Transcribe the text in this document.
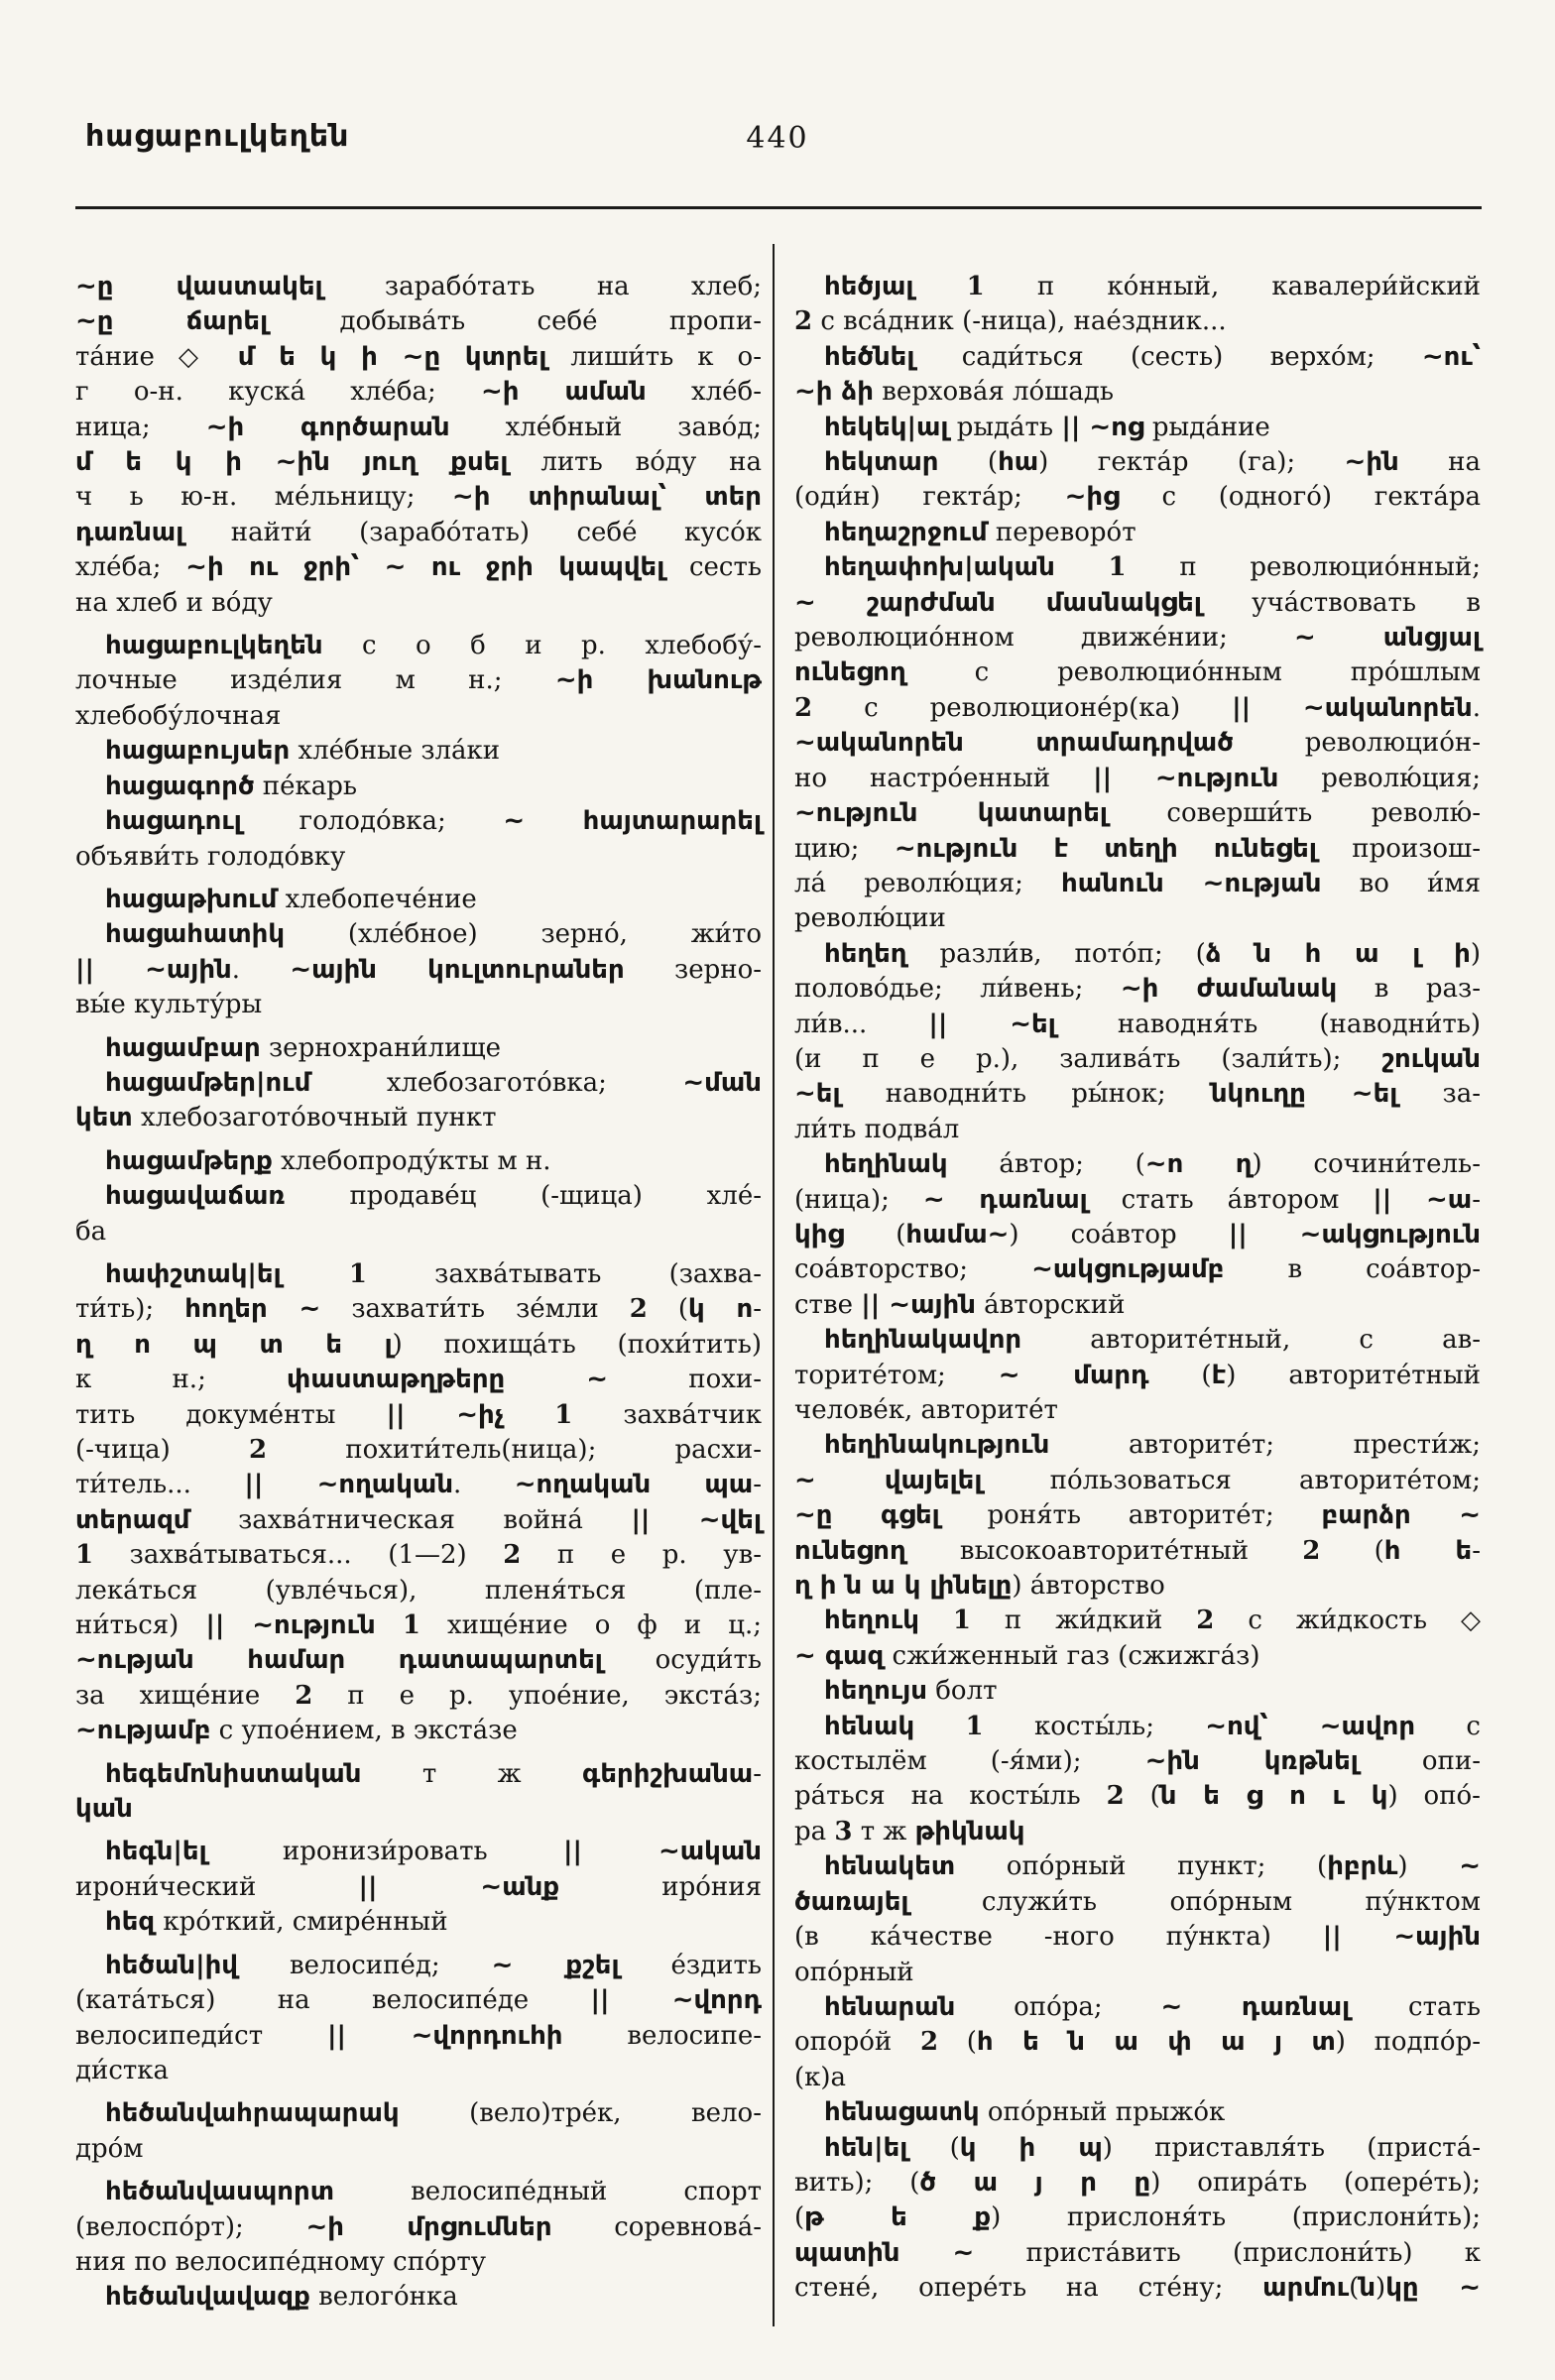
հացաբուլկեղեն	440
~ը վաստակել зарабо́тать на хлеб;
~ը ճարել добыва́ть себе́ пропи-
та́ние ◇ մ ե կ ի ~ը կտրել лиши́ть к о-
г о-н. куска́ хле́ба; ~ի աման хле́б-
ница; ~ի գործարան хле́бный заво́д;
մ ե կ ի ~ին յուղ քսել лить во́ду на
ч ь ю-н. ме́льницу; ~ի տիրանալ՝ տեր
դառնալ найти́ (зарабо́тать) себе́ кусо́к
хле́ба; ~ի ու ջրի՝ ~ ու ջրի կապվել сесть
на хлеб и во́ду
հացաբուլկեղեն с о б и р. хлебобу́-
лочные изде́лия м н.; ~ի խանութ
хлебобу́лочная
հացաբույսեր хле́бные зла́ки
հացագործ пе́карь
հացադուլ голодо́вка; ~ հայտարարել
объяви́ть голодо́вку
հացաթխում хлебопече́ние
հացահատիկ (хле́бное) зерно́, жи́то
|| ~ային. ~ային կուլտուրաներ зерно-
вы́е культу́ры
հացամբար зернохрани́лище
հացամթեր|ում хлебозагото́вка; ~ման
կետ хлебозагото́вочный пункт
հացամթերք хлебопроду́кты м н.
հացավաճառ продаве́ц (-щица) хле́-
ба
հափշտակ|ել	1 захва́тывать (захва-
ти́ть); հողեր ~ захвати́ть зе́мли 2 (կ ո-
ղ ո պ տ ե լ) похища́ть (похи́тить)
к н.; փաստաթղթերը ~ похи-
тить докуме́нты || ~իչ 1 захва́тчик
(-чица) 2 похити́тель(ница); расхи-
ти́тель... || ~ողական. ~ողական պա-
տերազմ захва́тническая война́ || ~վել
1 захва́тываться... (1—2) 2 п е р. ув-
лека́ться (увле́чься), пленя́ться (пле-
ни́ться) || ~ություն 1 хище́ние о ф и ц.;
~ության համար դատապարտել осуди́ть
за хище́ние 2 п е р. упое́ние, экста́з;
~ությամբ с упое́нием, в экста́зе
հեգեմոնիստական т ж գերիշխանա-
կան
հեգն|ել иронизи́ровать || ~ական
ирони́ческий || ~անք иро́ния
հեզ кро́ткий, смире́нный
հեծան|իվ велосипе́д; ~ քշել е́здить
(ката́ться) на велосипе́де || ~վորդ
велосипеди́ст || ~վորդուհի велосипе-
ди́стка
հեծանվահրապարակ (вело)тре́к, вело-
дро́м
հեծանվասպորտ велосипе́дный спорт
(велоспо́рт); ~ի մրցումներ соревнова́-
ния по велосипе́дному спо́рту
հեծանվավազք велого́нка
հեծյալ 1 п ко́нный, кавалери́йский
2 с вса́дник (-ница), нае́здник...
հեծնել сади́ться (сесть) верхо́м; ~ու՝
~ի ձի верхова́я ло́шадь
հեկեկ|ալ рыда́ть || ~ոց рыда́ние
հեկտար (հա) гекта́р (га); ~ին на
(оди́н) гекта́р; ~ից с (одного́) гекта́ра
հեղաշրջում переворо́т
հեղափոխ|ական 1 п революцио́нный;
~ շարժման մասնակցել уча́ствовать в
революцио́нном движе́нии; ~ անցյալ
ունեցող с революцио́нным про́шлым
2 с революционе́р(ка) || ~ականորեն.
~ականորեն տրամադրված революцио́н-
но настро́енный || ~ություն револю́ция;
~ություն կատարել соверши́ть револю́-
цию; ~ություն է տեղի ունեցել произош-
ла́ револю́ция; հանուն ~ության во и́мя
револю́ции
հեղեղ разли́в, пото́п; (ձ ն հ ա լ ի)
полово́дье; ли́вень; ~ի ժամանակ в раз-
ли́в... || ~ել наводня́ть (наводни́ть)
(и п е р.), залива́ть (зали́ть); շուկան
~ել наводни́ть ры́нок; նկուղը ~ել за-
ли́ть подва́л
հեղինակ а́втор; (~ո ղ) сочини́тель-
(ница); ~ դառնալ стать а́втором || ~ա-
կից (համա~) соа́втор || ~ակցություն
соа́вторство; ~ակցությամբ в соа́втор-
стве || ~ային а́вторский
հեղինակավոր авторите́тный, с ав-
торите́том; ~ մարդ (է) авторите́тный
челове́к, авторите́т
հեղինակություն авторите́т; прести́ж;
~ վայելել по́льзоваться авторите́том;
~ը գցել роня́ть авторите́т; բարձր ~
ունեցող высокоавторите́тный 2 (հ ե-
ղ ի ն ա կ լինելը) а́вторство
հեղուկ 1 п жи́дкий 2 с жи́дкость ◇
~ գազ сжи́женный газ (сжижга́з)
հեղույս болт
հենակ 1 косты́ль; ~ով՝ ~ավոր с
костылём (-я́ми); ~ին կռթնել опи-
ра́ться на косты́ль 2 (ն ե ց ո ւ կ) опо́-
ра 3 т ж թիկնակ
հենակետ опо́рный пункт; (իբրև) ~
ծառայել служи́ть опо́рным пу́нктом
(в ка́честве -ного пу́нкта) || ~ային
опо́рный
հենարան опо́ра; ~ դառնալ стать
опоро́й 2 (հ ե ն ա փ ա յ տ) подпо́р-
(к)а
հենացատկ опо́рный прыжо́к
հեն|ել (կ ի պ) приставля́ть (приста́-
вить); (ծ ա յ ր ը) опира́ть (опере́ть);
(թ ե ք) прислоня́ть (прислони́ть);
պատին ~ приста́вить (прислони́ть) к
стене́, опере́ть на сте́ну; արմու(ն)կը ~
